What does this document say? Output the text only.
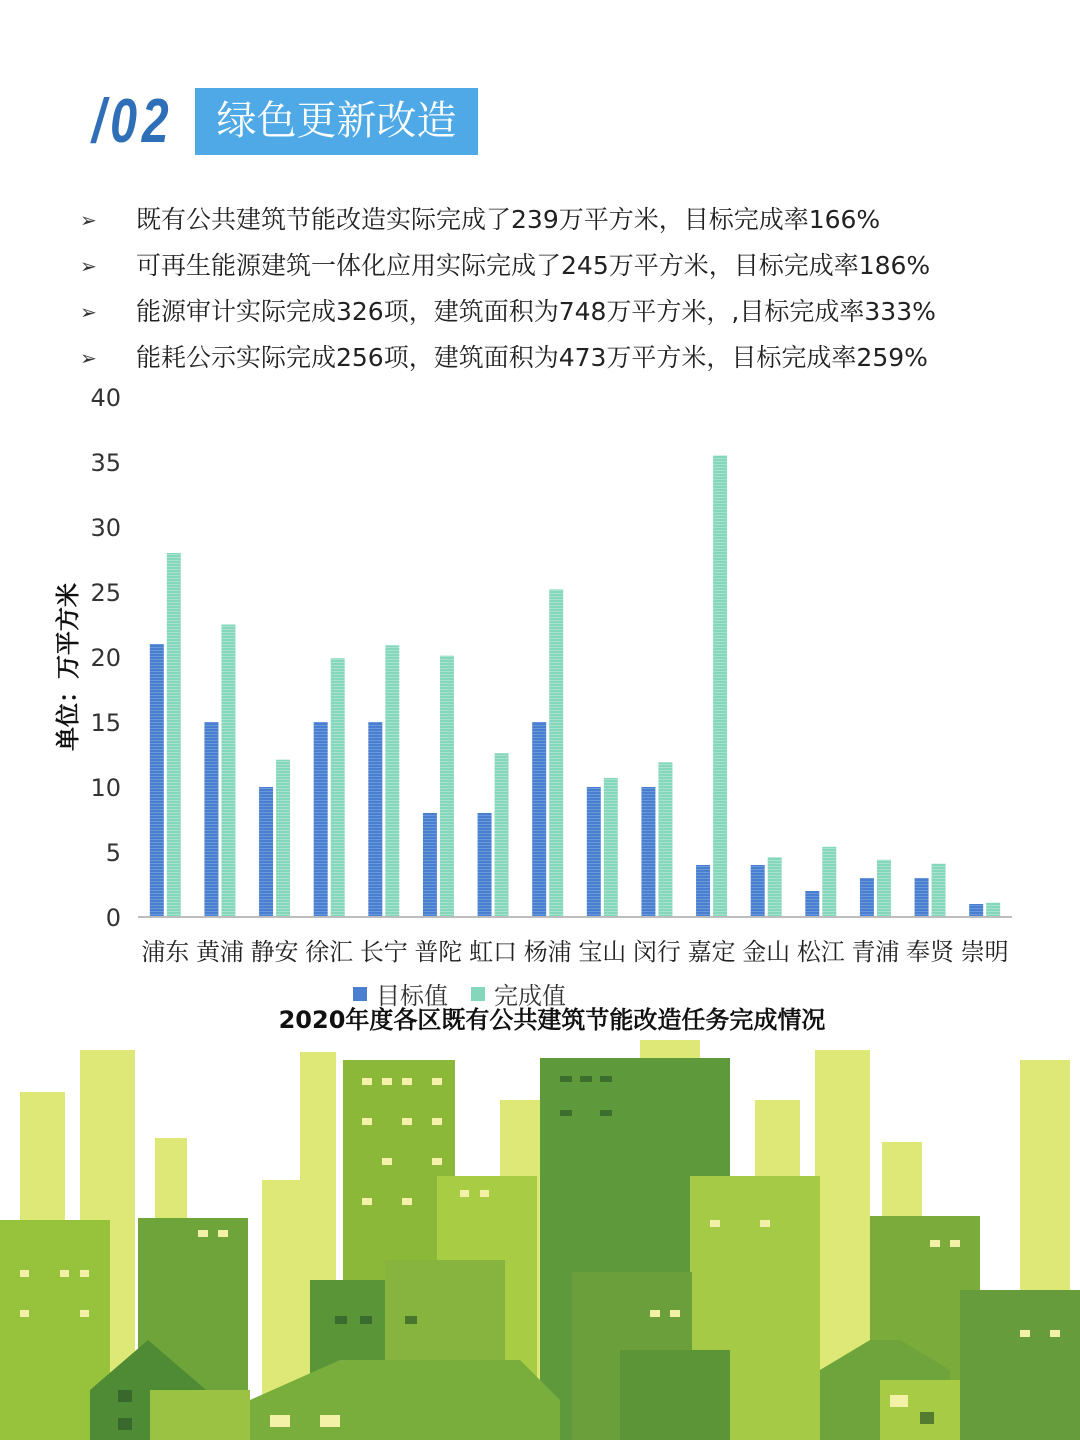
/02	绿色更新改造
➢	既有公共建筑节能改造实际完成了239万平方米，目标完成率166%
➢	可再生能源建筑一体化应用实际完成了245万平方米，目标完成率186%
➢	能源审计实际完成326项，建筑面积为748万平方米，,目标完成率333%
➢	能耗公示实际完成256项，建筑面积为473万平方米，目标完成率259%
0
5
10
15
20
25
30
35
40
单位：万平方米
浦东 黄浦 静安 徐汇 长宁 普陀 虹口 杨浦 宝山 闵行 嘉定 金山 松江 青浦 奉贤 崇明
目标值 完成值
2020年度各区既有公共建筑节能改造任务完成情况
